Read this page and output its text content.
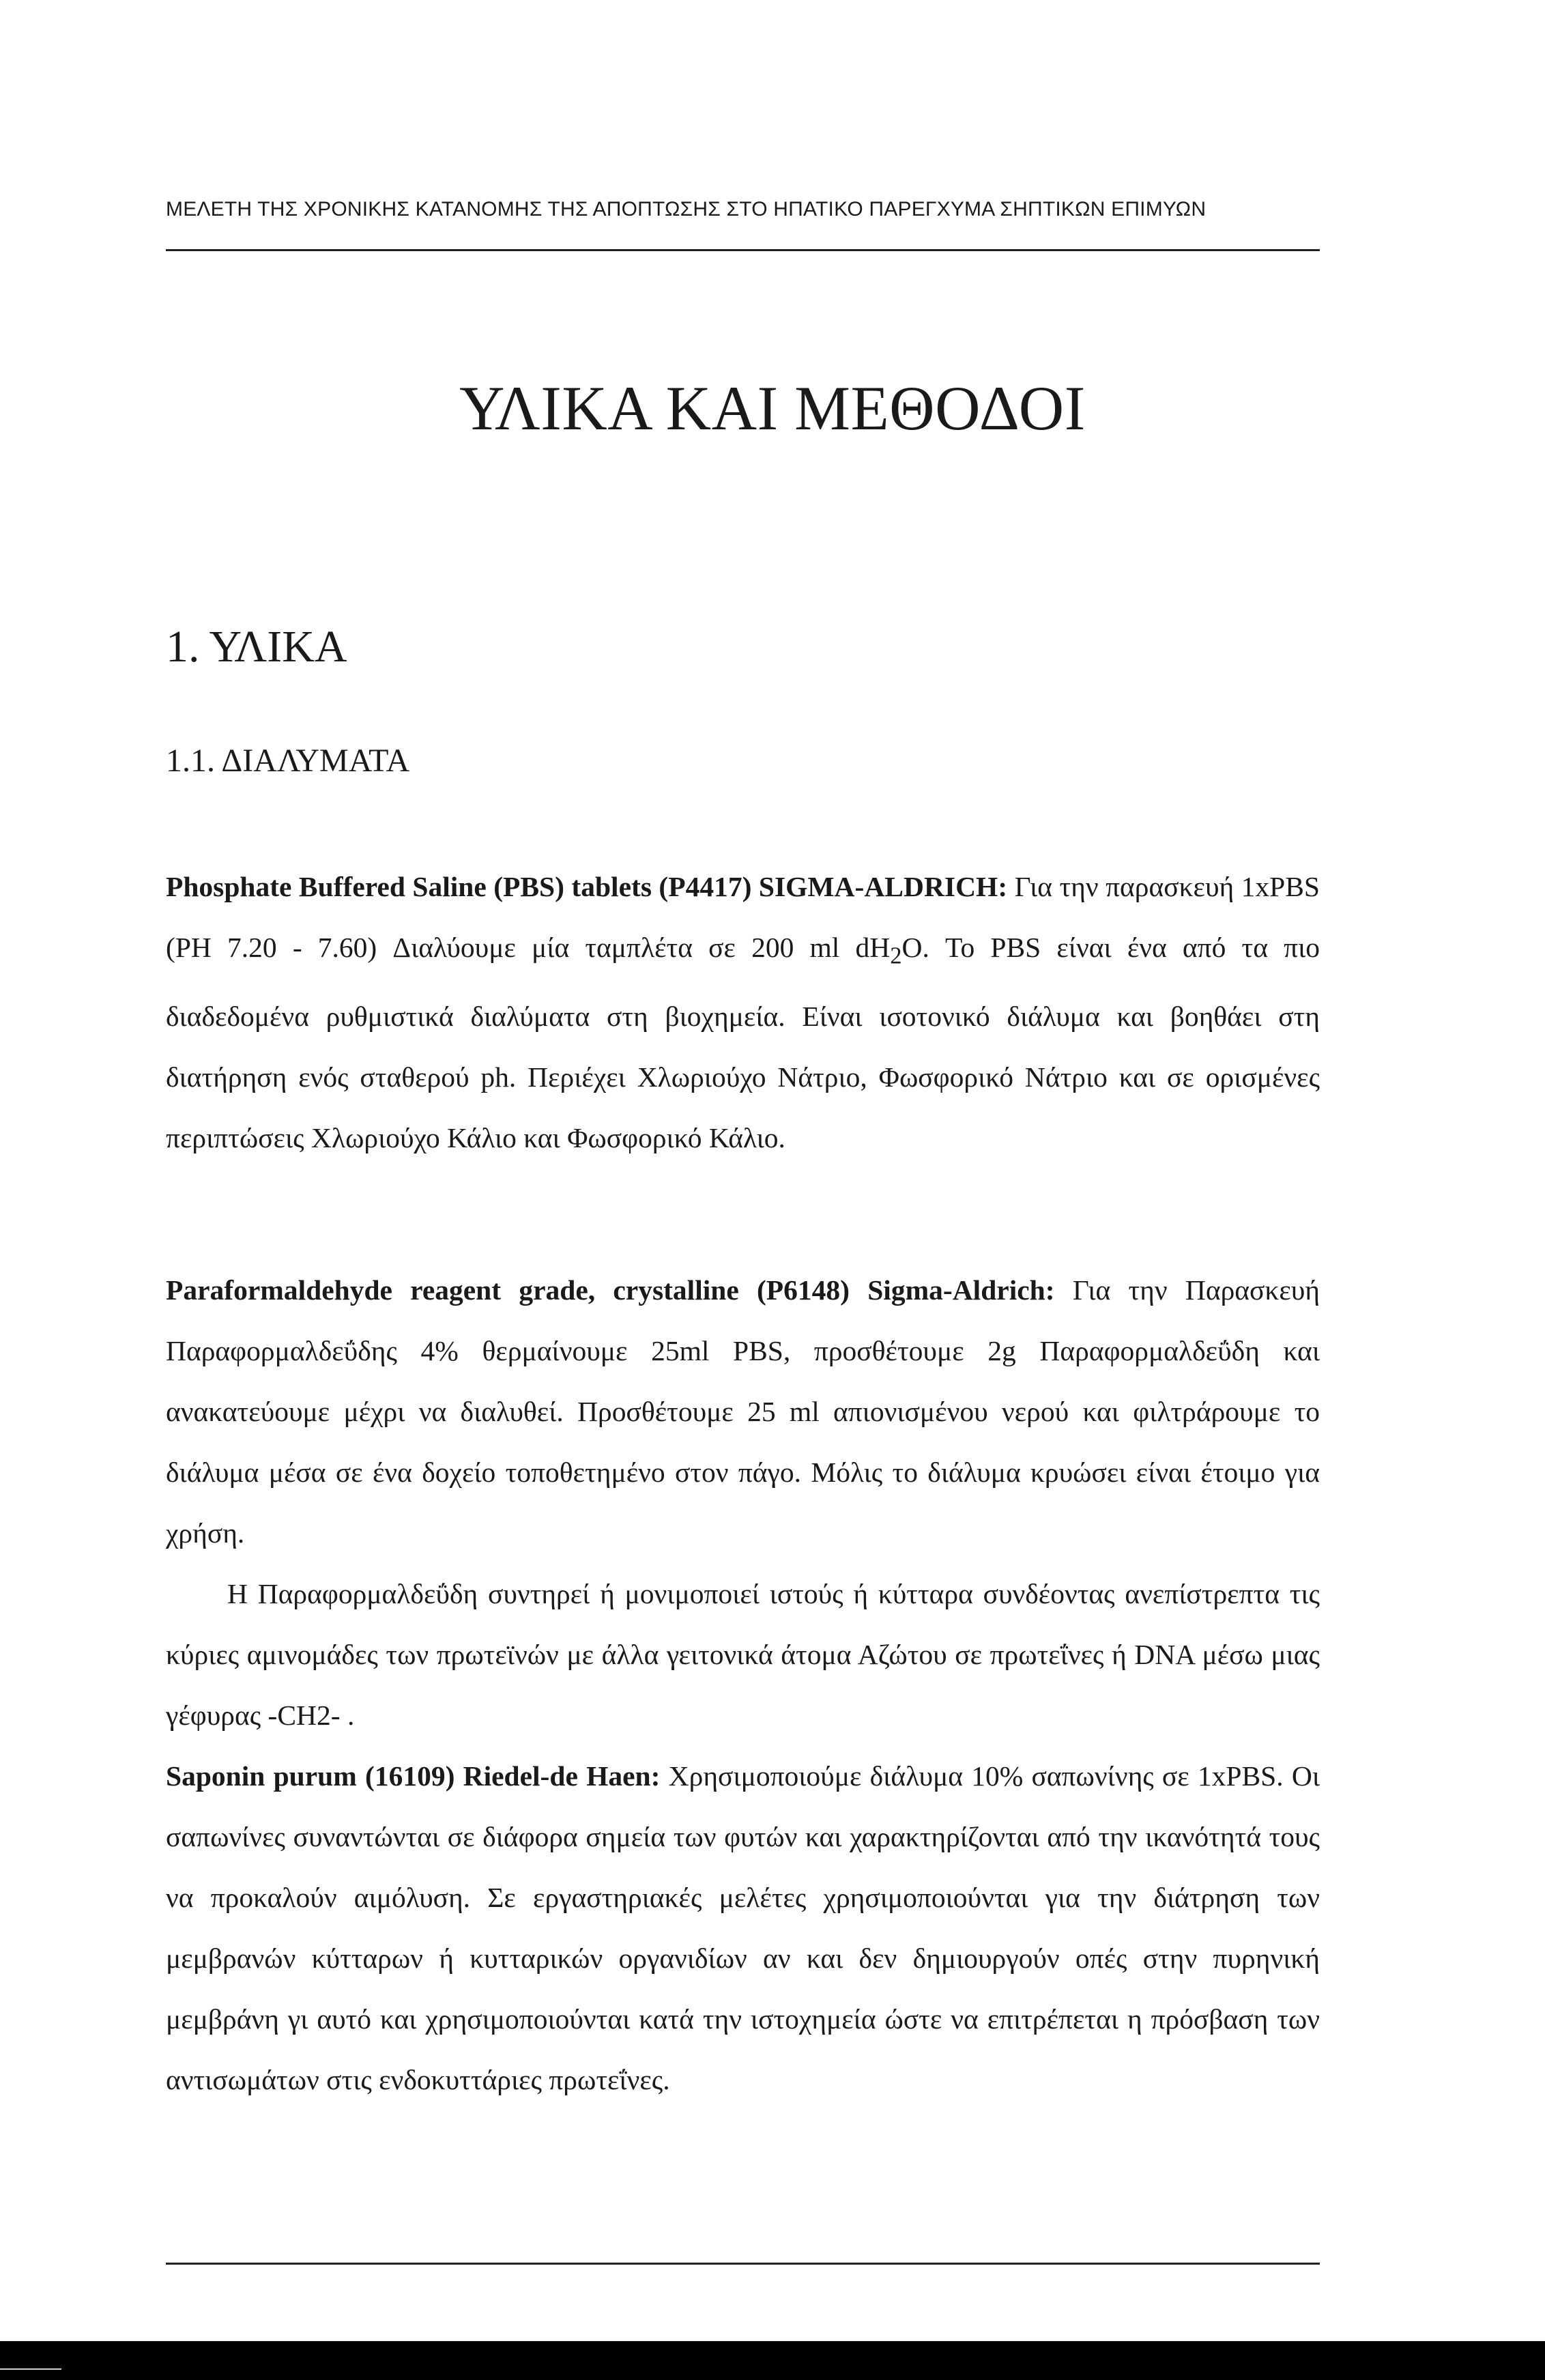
ΜΕΛΕΤΗ ΤΗΣ ΧΡΟΝΙΚΗΣ ΚΑΤΑΝΟΜΗΣ ΤΗΣ ΑΠΟΠΤΩΣΗΣ ΣΤΟ ΗΠΑΤΙΚΟ ΠΑΡΕΓΧΥΜΑ ΣΗΠΤΙΚΩΝ ΕΠΙΜΥΩΝ
ΥΛΙΚΑ ΚΑΙ ΜΕΘΟΔΟΙ
1. ΥΛΙΚΑ
1.1. ΔΙΑΛΥΜΑΤΑ
Phosphate Buffered Saline (PBS) tablets (P4417) SIGMA-ALDRICH: Για την παρασκευή 1xPBS (PH 7.20 - 7.60) Διαλύουμε μία ταμπλέτα σε 200 ml $dH_2O$. Το PBS είναι ένα από τα πιο διαδεδομένα ρυθμιστικά διαλύματα στη βιοχημεία. Είναι ισοτονικό διάλυμα και βοηθάει στη διατήρηση ενός σταθερού ph. Περιέχει Χλωριούχο Νάτριο, Φωσφορικό Νάτριο και σε ορισμένες περιπτώσεις Χλωριούχο Κάλιο και Φωσφορικό Κάλιο.
Paraformaldehyde reagent grade, crystalline (P6148) Sigma-Aldrich: Για την Παρασκευή Παραφορμαλδεΰδης 4% θερμαίνουμε 25ml PBS, προσθέτουμε 2g Παραφορμαλδεΰδη και ανακατεύουμε μέχρι να διαλυθεί. Προσθέτουμε 25 ml απιονισμένου νερού και φιλτράρουμε το διάλυμα μέσα σε ένα δοχείο τοποθετημένο στον πάγο. Μόλις το διάλυμα κρυώσει είναι έτοιμο για χρήση.
Η Παραφορμαλδεΰδη συντηρεί ή μονιμοποιεί ιστούς ή κύτταρα συνδέοντας ανεπίστρεπτα τις κύριες αμινομάδες των πρωτεϊνών με άλλα γειτονικά άτομα Αζώτου σε πρωτεΐνες ή DNA μέσω μιας γέφυρας -CH2- .
Saponin purum (16109) Riedel-de Haen: Χρησιμοποιούμε διάλυμα 10% σαπωνίνης σε 1xPBS. Οι σαπωνίνες συναντώνται σε διάφορα σημεία των φυτών και χαρακτηρίζονται από την ικανότητά τους να προκαλούν αιμόλυση. Σε εργαστηριακές μελέτες χρησιμοποιούνται για την διάτρηση των μεμβρανών κύτταρων ή κυτταρικών οργανιδίων αν και δεν δημιουργούν οπές στην πυρηνική μεμβράνη γι αυτό και χρησιμοποιούνται κατά την ιστοχημεία ώστε να επιτρέπεται η πρόσβαση των αντισωμάτων στις ενδοκυττάριες πρωτεΐνες.
